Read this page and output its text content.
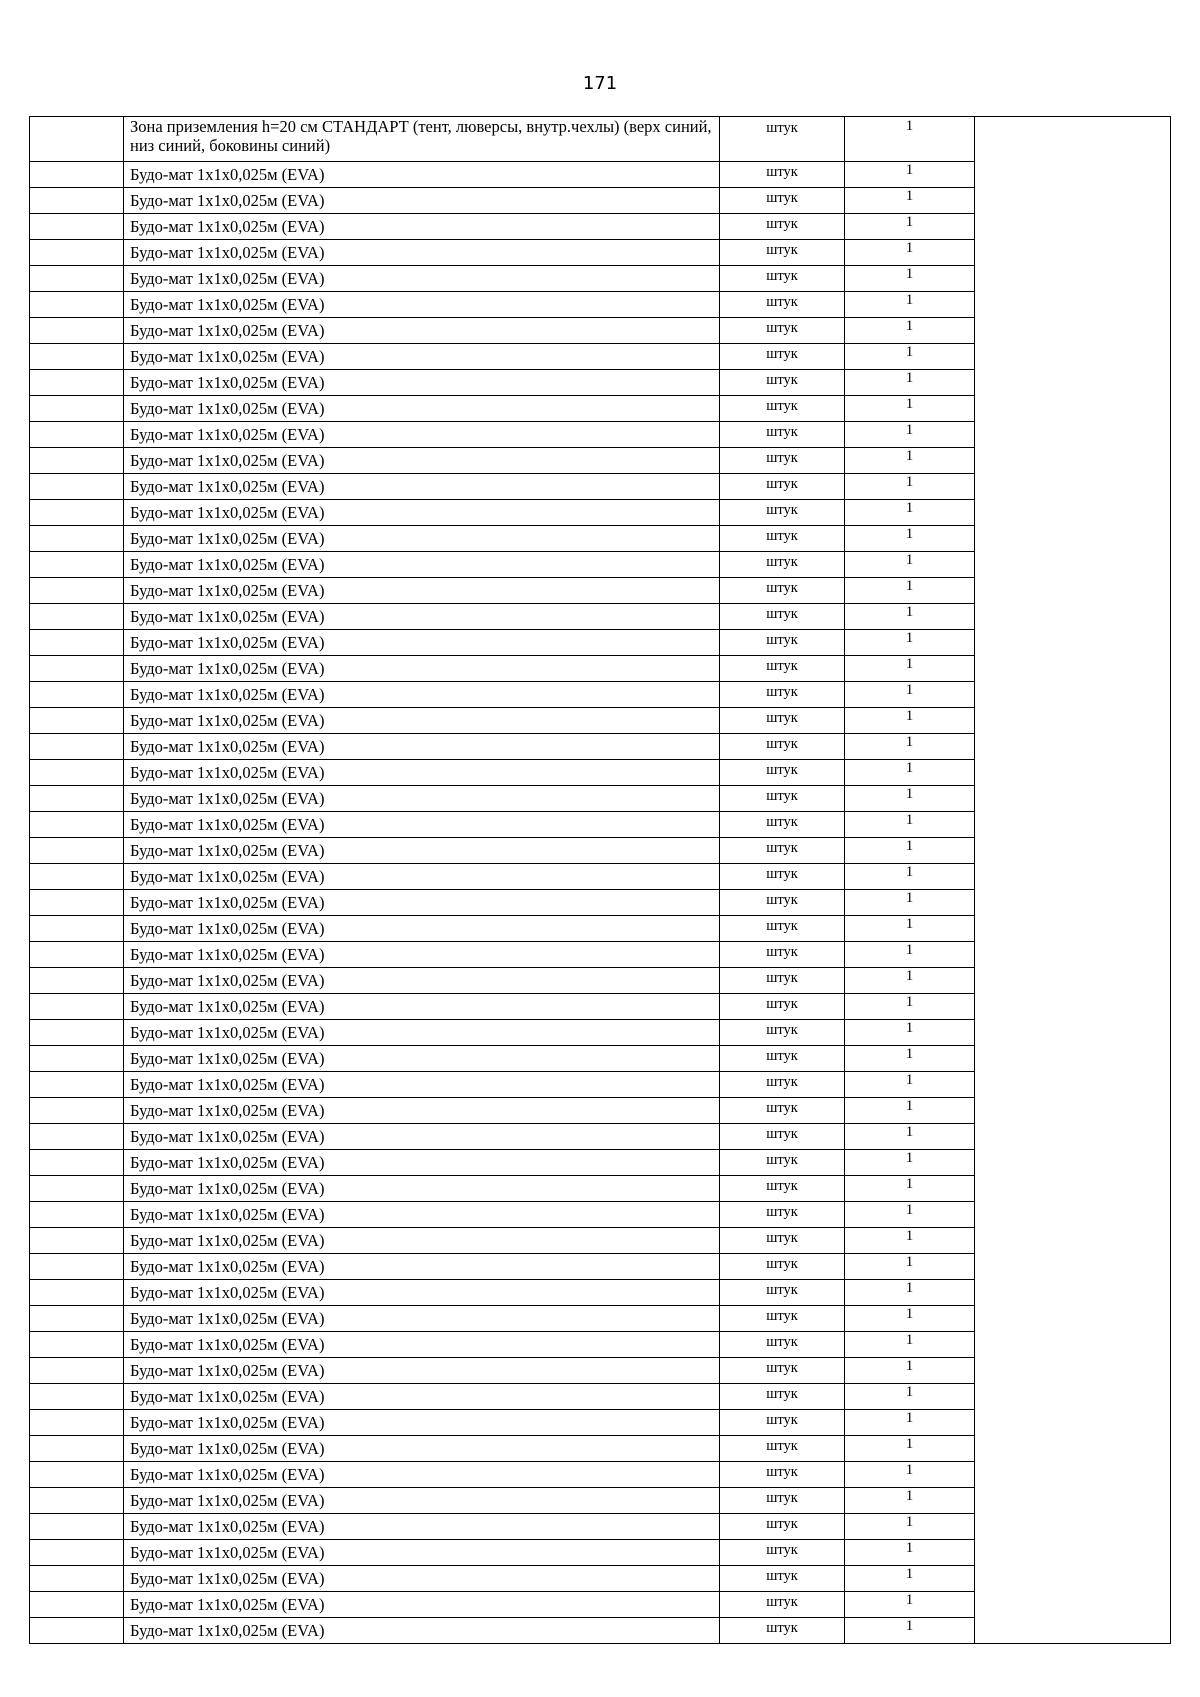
171
	Зона приземления h=20 см СТАНДАРТ (тент, люверсы, внутр.чехлы) (верх синий, низ синий, боковины синий)	штук	1	
	Будо-мат 1х1х0,025м (EVA)	штук	1	
	Будо-мат 1х1х0,025м (EVA)	штук	1	
	Будо-мат 1х1х0,025м (EVA)	штук	1	
	Будо-мат 1х1х0,025м (EVA)	штук	1	
	Будо-мат 1х1х0,025м (EVA)	штук	1	
	Будо-мат 1х1х0,025м (EVA)	штук	1	
	Будо-мат 1х1х0,025м (EVA)	штук	1	
	Будо-мат 1х1х0,025м (EVA)	штук	1	
	Будо-мат 1х1х0,025м (EVA)	штук	1	
	Будо-мат 1х1х0,025м (EVA)	штук	1	
	Будо-мат 1х1х0,025м (EVA)	штук	1	
	Будо-мат 1х1х0,025м (EVA)	штук	1	
	Будо-мат 1х1х0,025м (EVA)	штук	1	
	Будо-мат 1х1х0,025м (EVA)	штук	1	
	Будо-мат 1х1х0,025м (EVA)	штук	1	
	Будо-мат 1х1х0,025м (EVA)	штук	1	
	Будо-мат 1х1х0,025м (EVA)	штук	1	
	Будо-мат 1х1х0,025м (EVA)	штук	1	
	Будо-мат 1х1х0,025м (EVA)	штук	1	
	Будо-мат 1х1х0,025м (EVA)	штук	1	
	Будо-мат 1х1х0,025м (EVA)	штук	1	
	Будо-мат 1х1х0,025м (EVA)	штук	1	
	Будо-мат 1х1х0,025м (EVA)	штук	1	
	Будо-мат 1х1х0,025м (EVA)	штук	1	
	Будо-мат 1х1х0,025м (EVA)	штук	1	
	Будо-мат 1х1х0,025м (EVA)	штук	1	
	Будо-мат 1х1х0,025м (EVA)	штук	1	
	Будо-мат 1х1х0,025м (EVA)	штук	1	
	Будо-мат 1х1х0,025м (EVA)	штук	1	
	Будо-мат 1х1х0,025м (EVA)	штук	1	
	Будо-мат 1х1х0,025м (EVA)	штук	1	
	Будо-мат 1х1х0,025м (EVA)	штук	1	
	Будо-мат 1х1х0,025м (EVA)	штук	1	
	Будо-мат 1х1х0,025м (EVA)	штук	1	
	Будо-мат 1х1х0,025м (EVA)	штук	1	
	Будо-мат 1х1х0,025м (EVA)	штук	1	
	Будо-мат 1х1х0,025м (EVA)	штук	1	
	Будо-мат 1х1х0,025м (EVA)	штук	1	
	Будо-мат 1х1х0,025м (EVA)	штук	1	
	Будо-мат 1х1х0,025м (EVA)	штук	1	
	Будо-мат 1х1х0,025м (EVA)	штук	1	
	Будо-мат 1х1х0,025м (EVA)	штук	1	
	Будо-мат 1х1х0,025м (EVA)	штук	1	
	Будо-мат 1х1х0,025м (EVA)	штук	1	
	Будо-мат 1х1х0,025м (EVA)	штук	1	
	Будо-мат 1х1х0,025м (EVA)	штук	1	
	Будо-мат 1х1х0,025м (EVA)	штук	1	
	Будо-мат 1х1х0,025м (EVA)	штук	1	
	Будо-мат 1х1х0,025м (EVA)	штук	1	
	Будо-мат 1х1х0,025м (EVA)	штук	1	
	Будо-мат 1х1х0,025м (EVA)	штук	1	
	Будо-мат 1х1х0,025м (EVA)	штук	1	
	Будо-мат 1х1х0,025м (EVA)	штук	1	
	Будо-мат 1х1х0,025м (EVA)	штук	1	
	Будо-мат 1х1х0,025м (EVA)	штук	1	
	Будо-мат 1х1х0,025м (EVA)	штук	1	
	Будо-мат 1х1х0,025м (EVA)	штук	1	
